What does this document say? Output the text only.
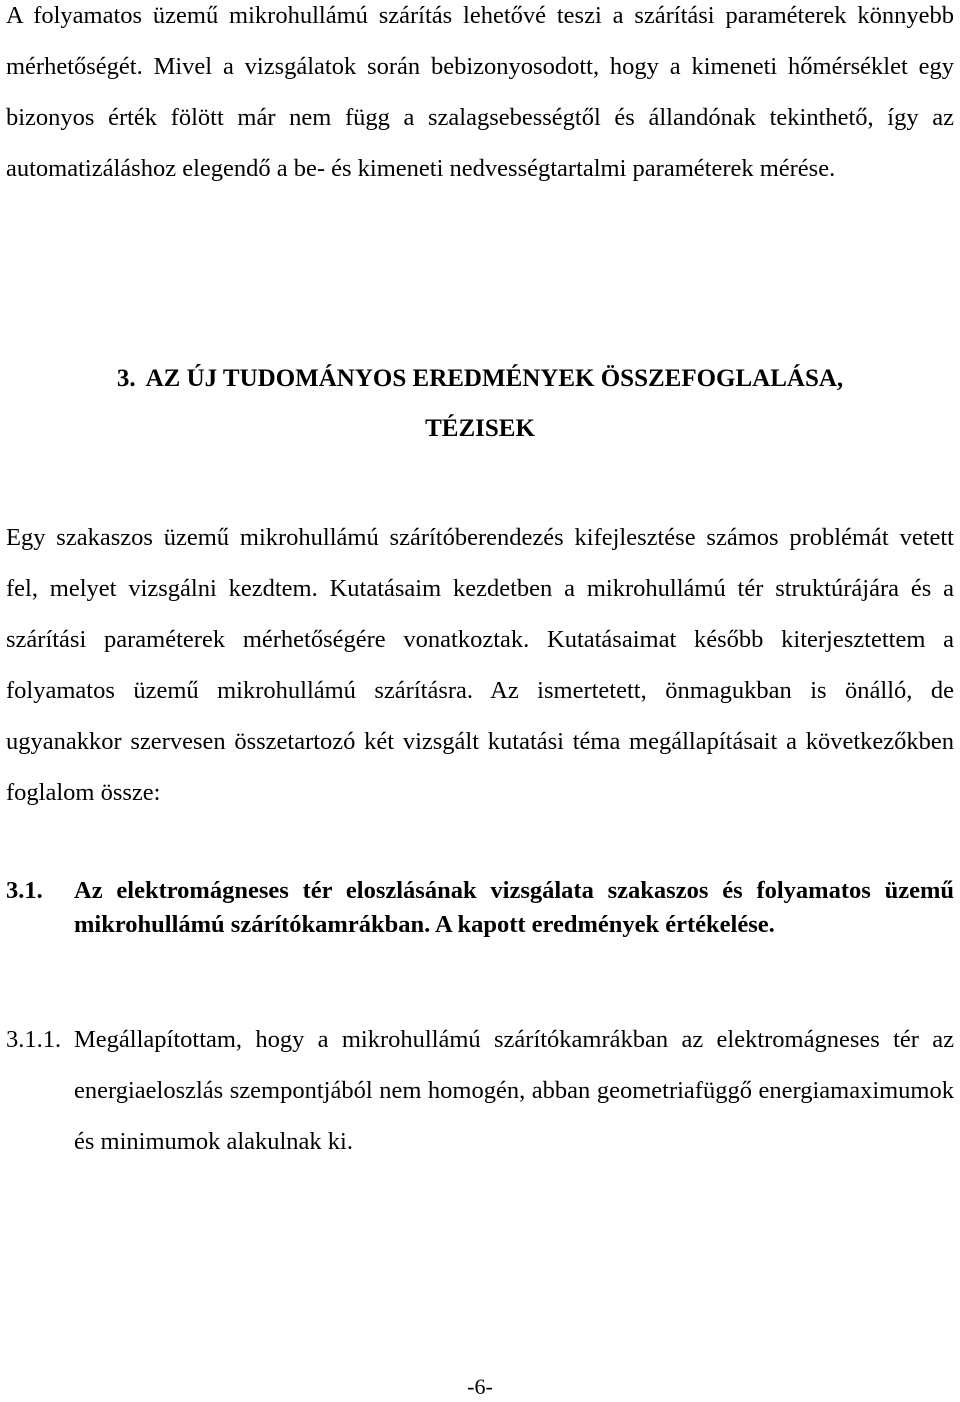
A folyamatos üzemű mikrohullámú szárítás lehetővé teszi a szárítási paraméterek könnyebb mérhetőségét. Mivel a vizsgálatok során bebizonyosodott, hogy a kimeneti hőmérséklet egy bizonyos érték fölött már nem függ a szalagsebességtől és állandónak tekinthető, így az automatizáláshoz elegendő a be- és kimeneti nedvességtartalmi paraméterek mérése.

3. AZ ÚJ TUDOMÁNYOS EREDMÉNYEK ÖSSZEFOGLALÁSA,
TÉZISEK

Egy szakaszos üzemű mikrohullámú szárítóberendezés kifejlesztése számos problémát vetett fel, melyet vizsgálni kezdtem. Kutatásaim kezdetben a mikrohullámú tér struktúrájára és a szárítási paraméterek mérhetőségére vonatkoztak. Kutatásaimat később kiterjesztettem a folyamatos üzemű mikrohullámú szárításra. Az ismertetett, önmagukban is önálló, de ugyanakkor szervesen összetartozó két vizsgált kutatási téma megállapításait a következőkben foglalom össze:

3.1. Az elektromágneses tér eloszlásának vizsgálata szakaszos és folyamatos üzemű mikrohullámú szárítókamrákban. A kapott eredmények értékelése.
3.1.1. Megállapítottam, hogy a mikrohullámú szárítókamrákban az elektromágneses tér az energiaeloszlás szempontjából nem homogén, abban geometriafüggő energiamaximumok és minimumok alakulnak ki.
-6-
